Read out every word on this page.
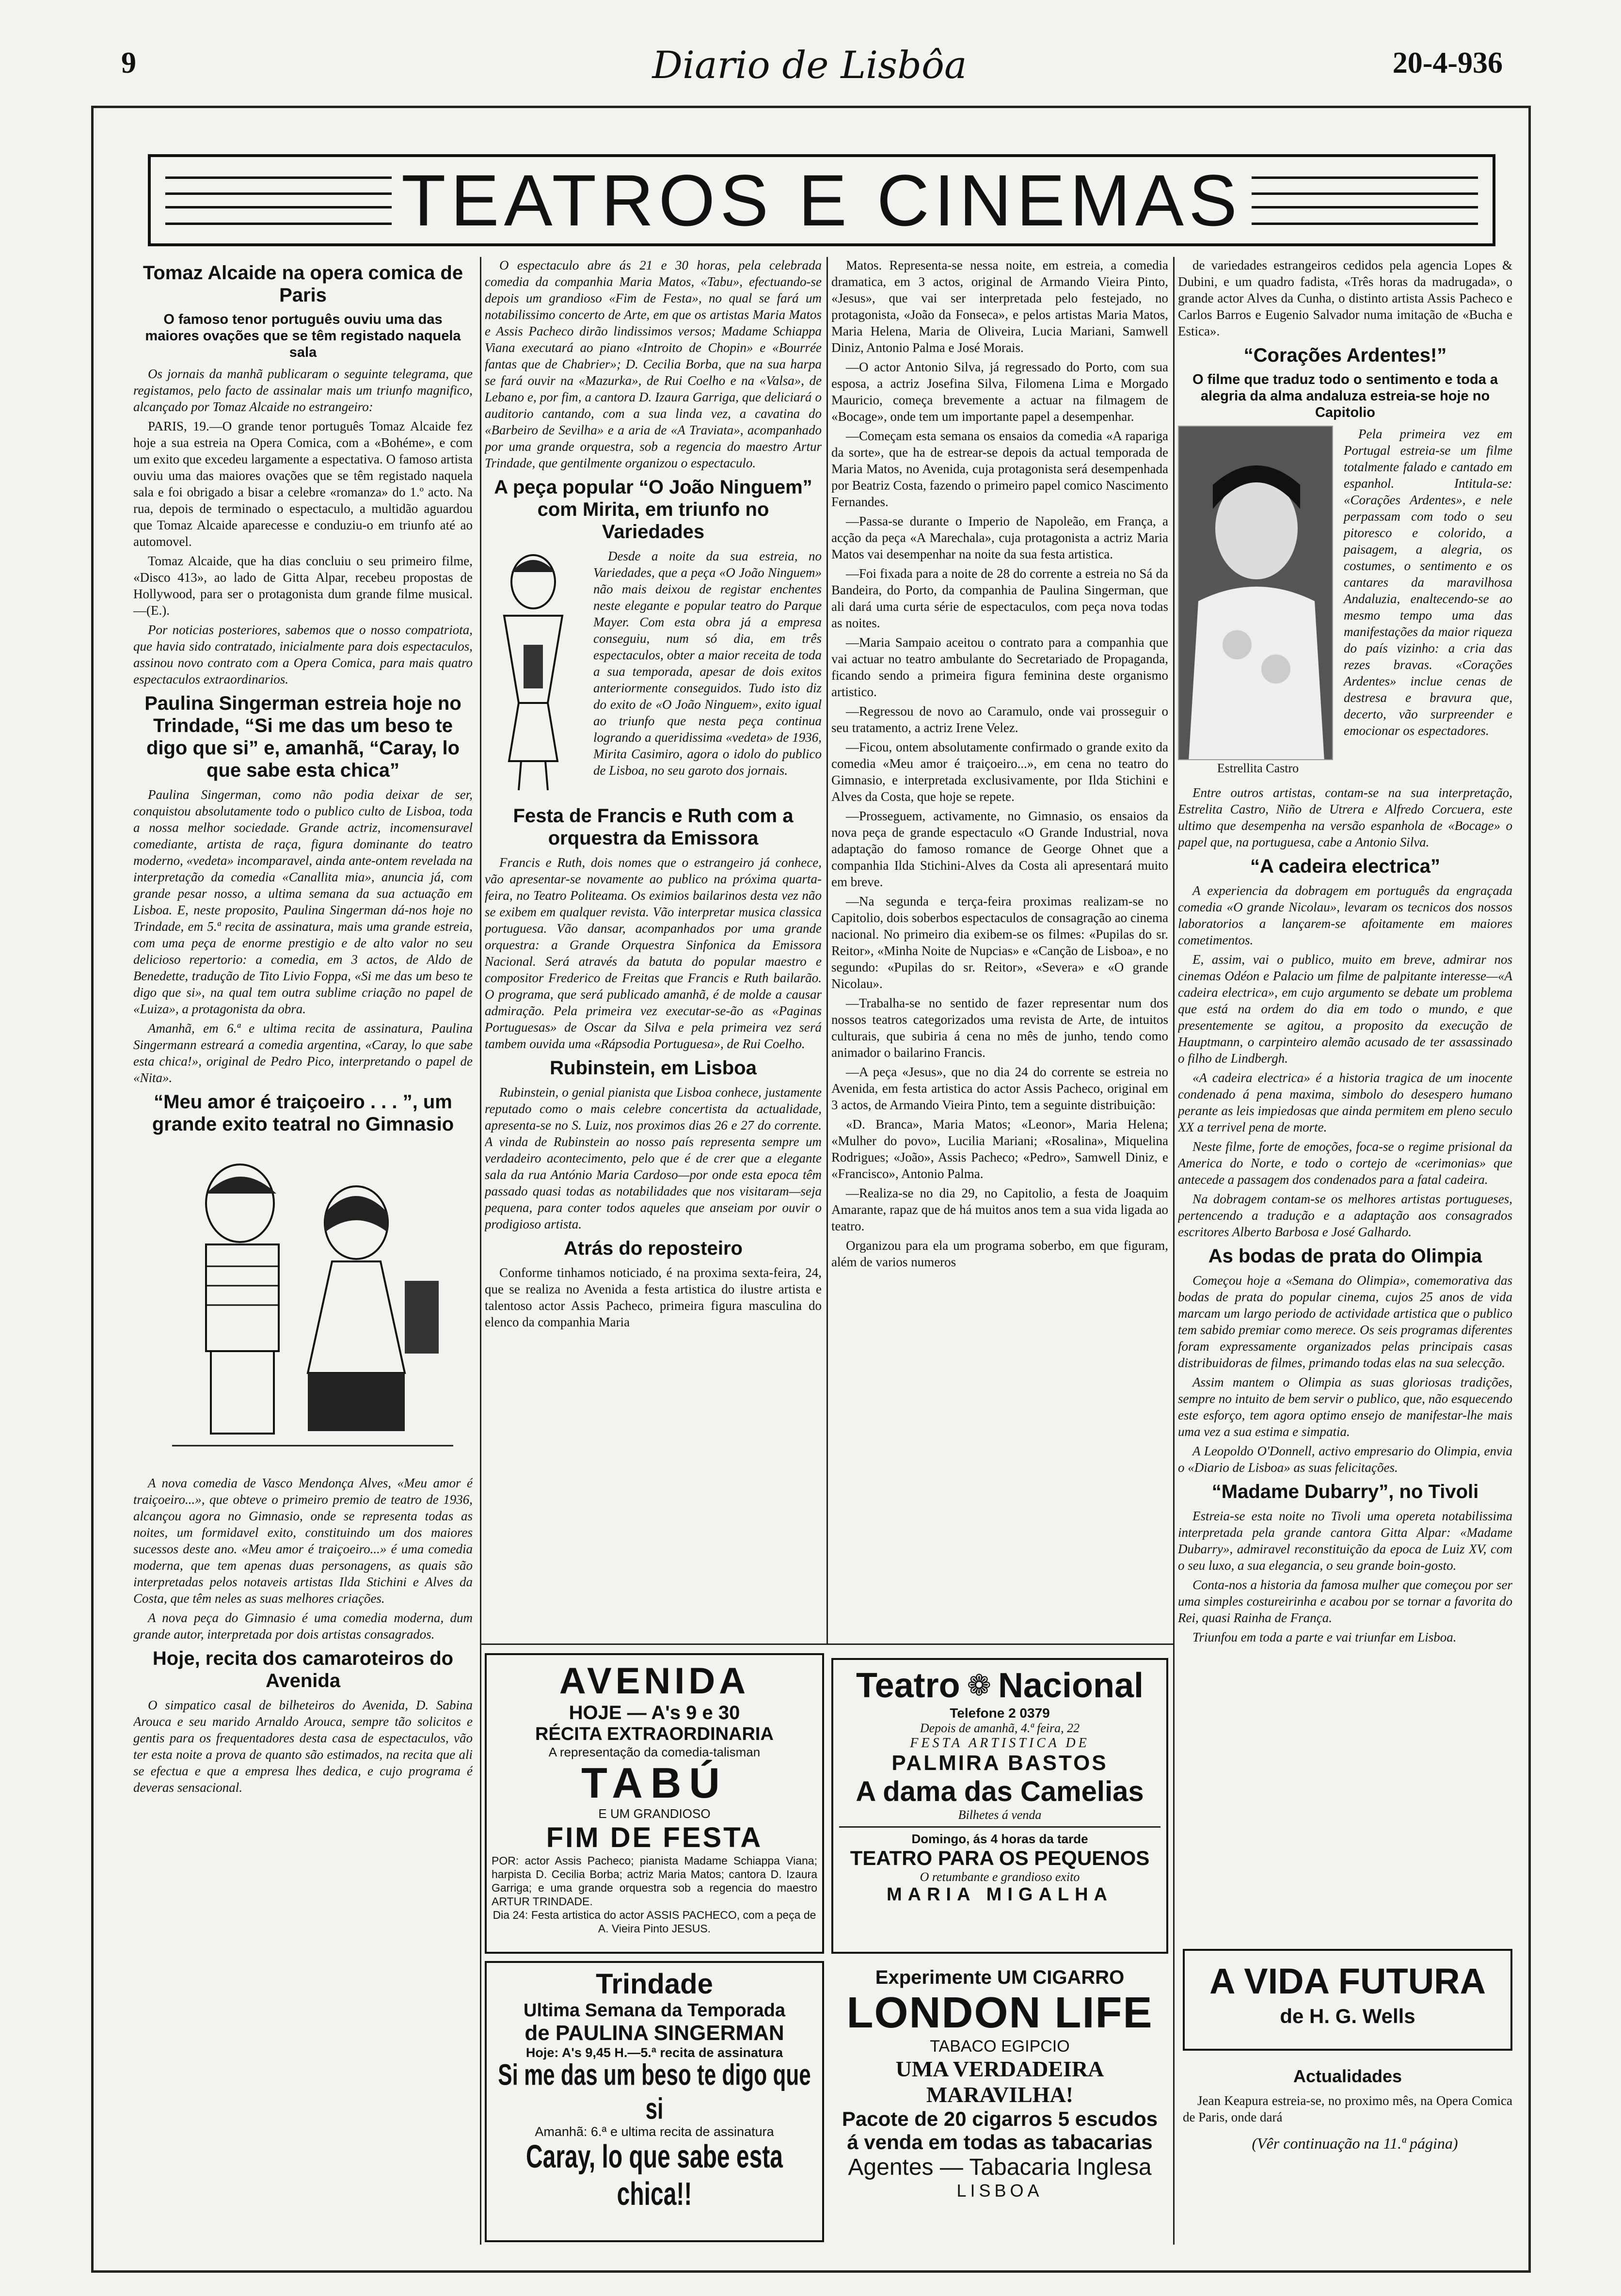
9	Diario de Lisbôa	20-4-936
TEATROS E CINEMAS
Tomaz Alcaide na opera comica de Paris
O famoso tenor português ouviu uma das maiores ovações que se têm registado naquela sala

Os jornais da manhã publicaram o seguinte telegrama, que registamos, pelo facto de assinalar mais um triunfo magnifico, alcançado por Tomaz Alcaide no estrangeiro:

PARIS, 19.—O grande tenor português Tomaz Alcaide fez hoje a sua estreia na Opera Comica, com a «Bohéme», e com um exito que excedeu largamente a espectativa. O famoso artista ouviu uma das maiores ovações que se têm registado naquela sala e foi obrigado a bisar a celebre «romanza» do 1.º acto. Na rua, depois de terminado o espectaculo, a multidão aguardou que Tomaz Alcaide aparecesse e conduziu-o em triunfo até ao automovel.

Tomaz Alcaide, que ha dias concluiu o seu primeiro filme, «Disco 413», ao lado de Gitta Alpar, recebeu propostas de Hollywood, para ser o protagonista dum grande filme musical. —(E.).

Por noticias posteriores, sabemos que o nosso compatriota, que havia sido contratado, inicialmente para dois espectaculos, assinou novo contrato com a Opera Comica, para mais quatro espectaculos extraordinarios.

Paulina Singerman estreia hoje no Trindade, “Si me das um beso te digo que si” e, amanhã, “Caray, lo que sabe esta chica”

Paulina Singerman, como não podia deixar de ser, conquistou absolutamente todo o publico culto de Lisboa, toda a nossa melhor sociedade. Grande actriz, incomensuravel comediante, artista de raça, figura dominante do teatro moderno, «vedeta» incomparavel, ainda ante-ontem revelada na interpretação da comedia «Canallita mia», anuncia já, com grande pesar nosso, a ultima semana da sua actuação em Lisboa. E, neste proposito, Paulina Singerman dá-nos hoje no Trindade, em 5.ª recita de assinatura, mais uma grande estreia, com uma peça de enorme prestigio e de alto valor no seu delicioso repertorio: a comedia, em 3 actos, de Aldo de Benedette, tradução de Tito Livio Foppa, «Si me das um beso te digo que si», na qual tem outra sublime criação no papel de «Luiza», a protagonista da obra.

Amanhã, em 6.ª e ultima recita de assinatura, Paulina Singermann estreará a comedia argentina, «Caray, lo que sabe esta chica!», original de Pedro Pico, interpretando o papel de «Nita».

“Meu amor é traiçoeiro . . . ”, um grande exito teatral no Gimnasio

A nova comedia de Vasco Mendonça Alves, «Meu amor é traiçoeiro...», que obteve o primeiro premio de teatro de 1936, alcançou agora no Gimnasio, onde se representa todas as noites, um formidavel exito, constituindo um dos maiores sucessos deste ano. «Meu amor é traiçoeiro...» é uma comedia moderna, que tem apenas duas personagens, as quais são interpretadas pelos notaveis artistas Ilda Stichini e Alves da Costa, que têm neles as suas melhores criações.

A nova peça do Gimnasio é uma comedia moderna, dum grande autor, interpretada por dois artistas consagrados.

Hoje, recita dos camaroteiros do Avenida

O simpatico casal de bilheteiros do Avenida, D. Sabina Arouca e seu marido Arnaldo Arouca, sempre tão solicitos e gentis para os frequentadores desta casa de espectaculos, vão ter esta noite a prova de quanto são estimados, na recita que ali se efectua e que a empresa lhes dedica, e cujo programa é deveras sensacional.

O espectaculo abre ás 21 e 30 horas, pela celebrada comedia da companhia Maria Matos, «Tabu», efectuando-se depois um grandioso «Fim de Festa», no qual se fará um notabilissimo concerto de Arte, em que os artistas Maria Matos e Assis Pacheco dirão lindissimos versos; Madame Schiappa Viana executará ao piano «Introito de Chopin» e «Bourrée fantas que de Chabrier»; D. Cecilia Borba, que na sua harpa se fará ouvir na «Mazurka», de Rui Coelho e na «Valsa», de Lebano e, por fim, a cantora D. Izaura Garriga, que deliciará o auditorio cantando, com a sua linda vez, a cavatina do «Barbeiro de Sevilha» e a aria de «A Traviata», acompanhado por uma grande orquestra, sob a regencia do maestro Artur Trindade, que gentilmente organizou o espectaculo.

A peça popular “O João Ninguem” com Mirita, em triunfo no Variedades

Desde a noite da sua estreia, no Variedades, que a peça «O João Ninguem» não mais deixou de registar enchentes neste elegante e popular teatro do Parque Mayer. Com esta obra já a empresa conseguiu, num só dia, em três espectaculos, obter a maior receita de toda a sua temporada, apesar de dois exitos anteriormente conseguidos. Tudo isto diz do exito de «O João Ninguem», exito igual ao triunfo que nesta peça continua logrando a queridissima «vedeta» de 1936, Mirita Casimiro, agora o idolo do publico de Lisboa, no seu garoto dos jornais.

Festa de Francis e Ruth com a orquestra da Emissora

Francis e Ruth, dois nomes que o estrangeiro já conhece, vão apresentar-se novamente ao publico na próxima quarta-feira, no Teatro Politeama. Os eximios bailarinos desta vez não se exibem em qualquer revista. Vão interpretar musica classica portuguesa. Vão dansar, acompanhados por uma grande orquestra: a Grande Orquestra Sinfonica da Emissora Nacional. Será através da batuta do popular maestro e compositor Frederico de Freitas que Francis e Ruth bailarão. O programa, que será publicado amanhã, é de molde a causar admiração. Pela primeira vez executar-se-ão as «Paginas Portuguesas» de Oscar da Silva e pela primeira vez será tambem ouvida uma «Rápsodia Portuguesa», de Rui Coelho.

Rubinstein, em Lisboa

Rubinstein, o genial pianista que Lisboa conhece, justamente reputado como o mais celebre concertista da actualidade, apresenta-se no S. Luiz, nos proximos dias 26 e 27 do corrente. A vinda de Rubinstein ao nosso país representa sempre um verdadeiro acontecimento, pelo que é de crer que a elegante sala da rua António Maria Cardoso—por onde esta epoca têm passado quasi todas as notabilidades que nos visitaram—seja pequena, para conter todos aqueles que anseiam por ouvir o prodigioso artista.

Atrás do reposteiro

Conforme tinhamos noticiado, é na proxima sexta-feira, 24, que se realiza no Avenida a festa artistica do ilustre artista e talentoso actor Assis Pacheco, primeira figura masculina do elenco da companhia Maria

Matos. Representa-se nessa noite, em estreia, a comedia dramatica, em 3 actos, original de Armando Vieira Pinto, «Jesus», que vai ser interpretada pelo festejado, no protagonista, «João da Fonseca», e pelos artistas Maria Matos, Maria Helena, Maria de Oliveira, Lucia Mariani, Samwell Diniz, Antonio Palma e José Morais.

—O actor Antonio Silva, já regressado do Porto, com sua esposa, a actriz Josefina Silva, Filomena Lima e Morgado Mauricio, começa brevemente a actuar na filmagem de «Bocage», onde tem um importante papel a desempenhar.

—Começam esta semana os ensaios da comedia «A rapariga da sorte», que ha de estrear-se depois da actual temporada de Maria Matos, no Avenida, cuja protagonista será desempenhada por Beatriz Costa, fazendo o primeiro papel comico Nascimento Fernandes.

—Passa-se durante o Imperio de Napoleão, em França, a acção da peça «A Marechala», cuja protagonista a actriz Maria Matos vai desempenhar na noite da sua festa artistica.

—Foi fixada para a noite de 28 do corrente a estreia no Sá da Bandeira, do Porto, da companhia de Paulina Singerman, que ali dará uma curta série de espectaculos, com peça nova todas as noites.

—Maria Sampaio aceitou o contrato para a companhia que vai actuar no teatro ambulante do Secretariado de Propaganda, ficando sendo a primeira figura feminina deste organismo artistico.

—Regressou de novo ao Caramulo, onde vai prosseguir o seu tratamento, a actriz Irene Velez.

—Ficou, ontem absolutamente confirmado o grande exito da comedia «Meu amor é traiçoeiro...», em cena no teatro do Gimnasio, e interpretada exclusivamente, por Ilda Stichini e Alves da Costa, que hoje se repete.

—Prosseguem, activamente, no Gimnasio, os ensaios da nova peça de grande espectaculo «O Grande Industrial, nova adaptação do famoso romance de George Ohnet que a companhia Ilda Stichini-Alves da Costa ali apresentará muito em breve.

—Na segunda e terça-feira proximas realizam-se no Capitolio, dois soberbos espectaculos de consagração ao cinema nacional. No primeiro dia exibem-se os filmes: «Pupilas do sr. Reitor», «Minha Noite de Nupcias» e «Canção de Lisboa», e no segundo: «Pupilas do sr. Reitor», «Severa» e «O grande Nicolau».

—Trabalha-se no sentido de fazer representar num dos nossos teatros categorizados uma revista de Arte, de intuitos culturais, que subiria á cena no mês de junho, tendo como animador o bailarino Francis.

—A peça «Jesus», que no dia 24 do corrente se estreia no Avenida, em festa artistica do actor Assis Pacheco, original em 3 actos, de Armando Vieira Pinto, tem a seguinte distribuição:

«D. Branca», Maria Matos; «Leonor», Maria Helena; «Mulher do povo», Lucilia Mariani; «Rosalina», Miquelina Rodrigues; «João», Assis Pacheco; «Pedro», Samwell Diniz, e «Francisco», Antonio Palma.

—Realiza-se no dia 29, no Capitolio, a festa de Joaquim Amarante, rapaz que de há muitos anos tem a sua vida ligada ao teatro.

Organizou para ela um programa soberbo, em que figuram, além de varios numeros

de variedades estrangeiros cedidos pela agencia Lopes & Dubini, e um quadro fadista, «Três horas da madrugada», o grande actor Alves da Cunha, o distinto artista Assis Pacheco e Carlos Barros e Eugenio Salvador numa imitação de «Bucha e Estica».

“Corações Ardentes!”
O filme que traduz todo o sentimento e toda a alegria da alma andaluza estreia-se hoje no Capitolio
Estrellita Castro

Pela primeira vez em Portugal estreia-se um filme totalmente falado e cantado em espanhol. Intitula-se: «Corações Ardentes», e nele perpassam com todo o seu pitoresco e colorido, a paisagem, a alegria, os costumes, o sentimento e os cantares da maravilhosa Andaluzia, enaltecendo-se ao mesmo tempo uma das manifestações da maior riqueza do país vizinho: a cria das rezes bravas. «Corações Ardentes» inclue cenas de destresa e bravura que, decerto, vão surpreender e emocionar os espectadores.

Entre outros artistas, contam-se na sua interpretação, Estrelita Castro, Niño de Utrera e Alfredo Corcuera, este ultimo que desempenha na versão espanhola de «Bocage» o papel que, na portuguesa, cabe a Antonio Silva.

“A cadeira electrica”

A experiencia da dobragem em português da engraçada comedia «O grande Nicolau», levaram os tecnicos dos nossos laboratorios a lançarem-se afoitamente em maiores cometimentos.

E, assim, vai o publico, muito em breve, admirar nos cinemas Odéon e Palacio um filme de palpitante interesse—«A cadeira electrica», em cujo argumento se debate um problema que está na ordem do dia em todo o mundo, e que presentemente se agitou, a proposito da execução de Hauptmann, o carpinteiro alemão acusado de ter assassinado o filho de Lindbergh.

«A cadeira electrica» é a historia tragica de um inocente condenado á pena maxima, simbolo do desespero humano perante as leis impiedosas que ainda permitem em pleno seculo XX a terrivel pena de morte.

Neste filme, forte de emoções, foca-se o regime prisional da America do Norte, e todo o cortejo de «cerimonias» que antecede a passagem dos condenados para a fatal cadeira.

Na dobragem contam-se os melhores artistas portugueses, pertencendo a tradução e a adaptação aos consagrados escritores Alberto Barbosa e José Galhardo.

As bodas de prata do Olimpia

Começou hoje a «Semana do Olimpia», comemorativa das bodas de prata do popular cinema, cujos 25 anos de vida marcam um largo periodo de actividade artistica que o publico tem sabido premiar como merece. Os seis programas diferentes foram expressamente organizados pelas principais casas distribuidoras de filmes, primando todas elas na sua selecção.

Assim mantem o Olimpia as suas gloriosas tradições, sempre no intuito de bem servir o publico, que, não esquecendo este esforço, tem agora optimo ensejo de manifestar-lhe mais uma vez a sua estima e simpatia.

A Leopoldo O'Donnell, activo empresario do Olimpia, envia o «Diario de Lisboa» as suas felicitações.

“Madame Dubarry”, no Tivoli

Estreia-se esta noite no Tivoli uma opereta notabilissima interpretada pela grande cantora Gitta Alpar: «Madame Dubarry», admiravel reconstituição da epoca de Luiz XV, com o seu luxo, a sua elegancia, o seu grande boin-gosto.

Conta-nos a historia da famosa mulher que começou por ser uma simples costureirinha e acabou por se tornar a favorita do Rei, quasi Rainha de França.

Triunfou em toda a parte e vai triunfar em Lisboa.

AVENIDA
HOJE — A's 9 e 30
RÉCITA EXTRAORDINARIA
A representação da comedia-talisman
TABÚ
E UM GRANDIOSO
FIM DE FESTA
POR: actor Assis Pacheco; pianista Madame Schiappa Viana; harpista D. Cecilia Borba; actriz Maria Matos; cantora D. Izaura Garriga; e uma grande orquestra sob a regencia do maestro ARTUR TRINDADE.
Dia 24: Festa artistica do actor ASSIS PACHECO, com a peça de A. Vieira Pinto JESUS.
Teatro ❁ Nacional
Telefone 2 0379
Depois de amanhã, 4.ª feira, 22
FESTA ARTISTICA DE
PALMIRA BASTOS
A dama das Camelias
Bilhetes á venda
Domingo, ás 4 horas da tarde
TEATRO PARA OS PEQUENOS
O retumbante e grandioso exito
MARIA MIGALHA
Trindade
Ultima Semana da Temporada
de PAULINA SINGERMAN
Hoje: A's 9,45 H.—5.ª recita de assinatura
Si me das um beso te digo que si
Amanhã: 6.ª e ultima recita de assinatura
Caray, lo que sabe esta chica!!
Experimente UM CIGARRO
LONDON LIFE
TABACO EGIPCIO
UMA VERDADEIRA MARAVILHA!
Pacote de 20 cigarros 5 escudos
á venda em todas as tabacarias
Agentes — Tabacaria Inglesa
LISBOA
A VIDA FUTURA
de H. G. Wells
Actualidades

Jean Keapura estreia-se, no proximo mês, na Opera Comica de Paris, onde dará

(Vêr continuação na 11.ª página)
